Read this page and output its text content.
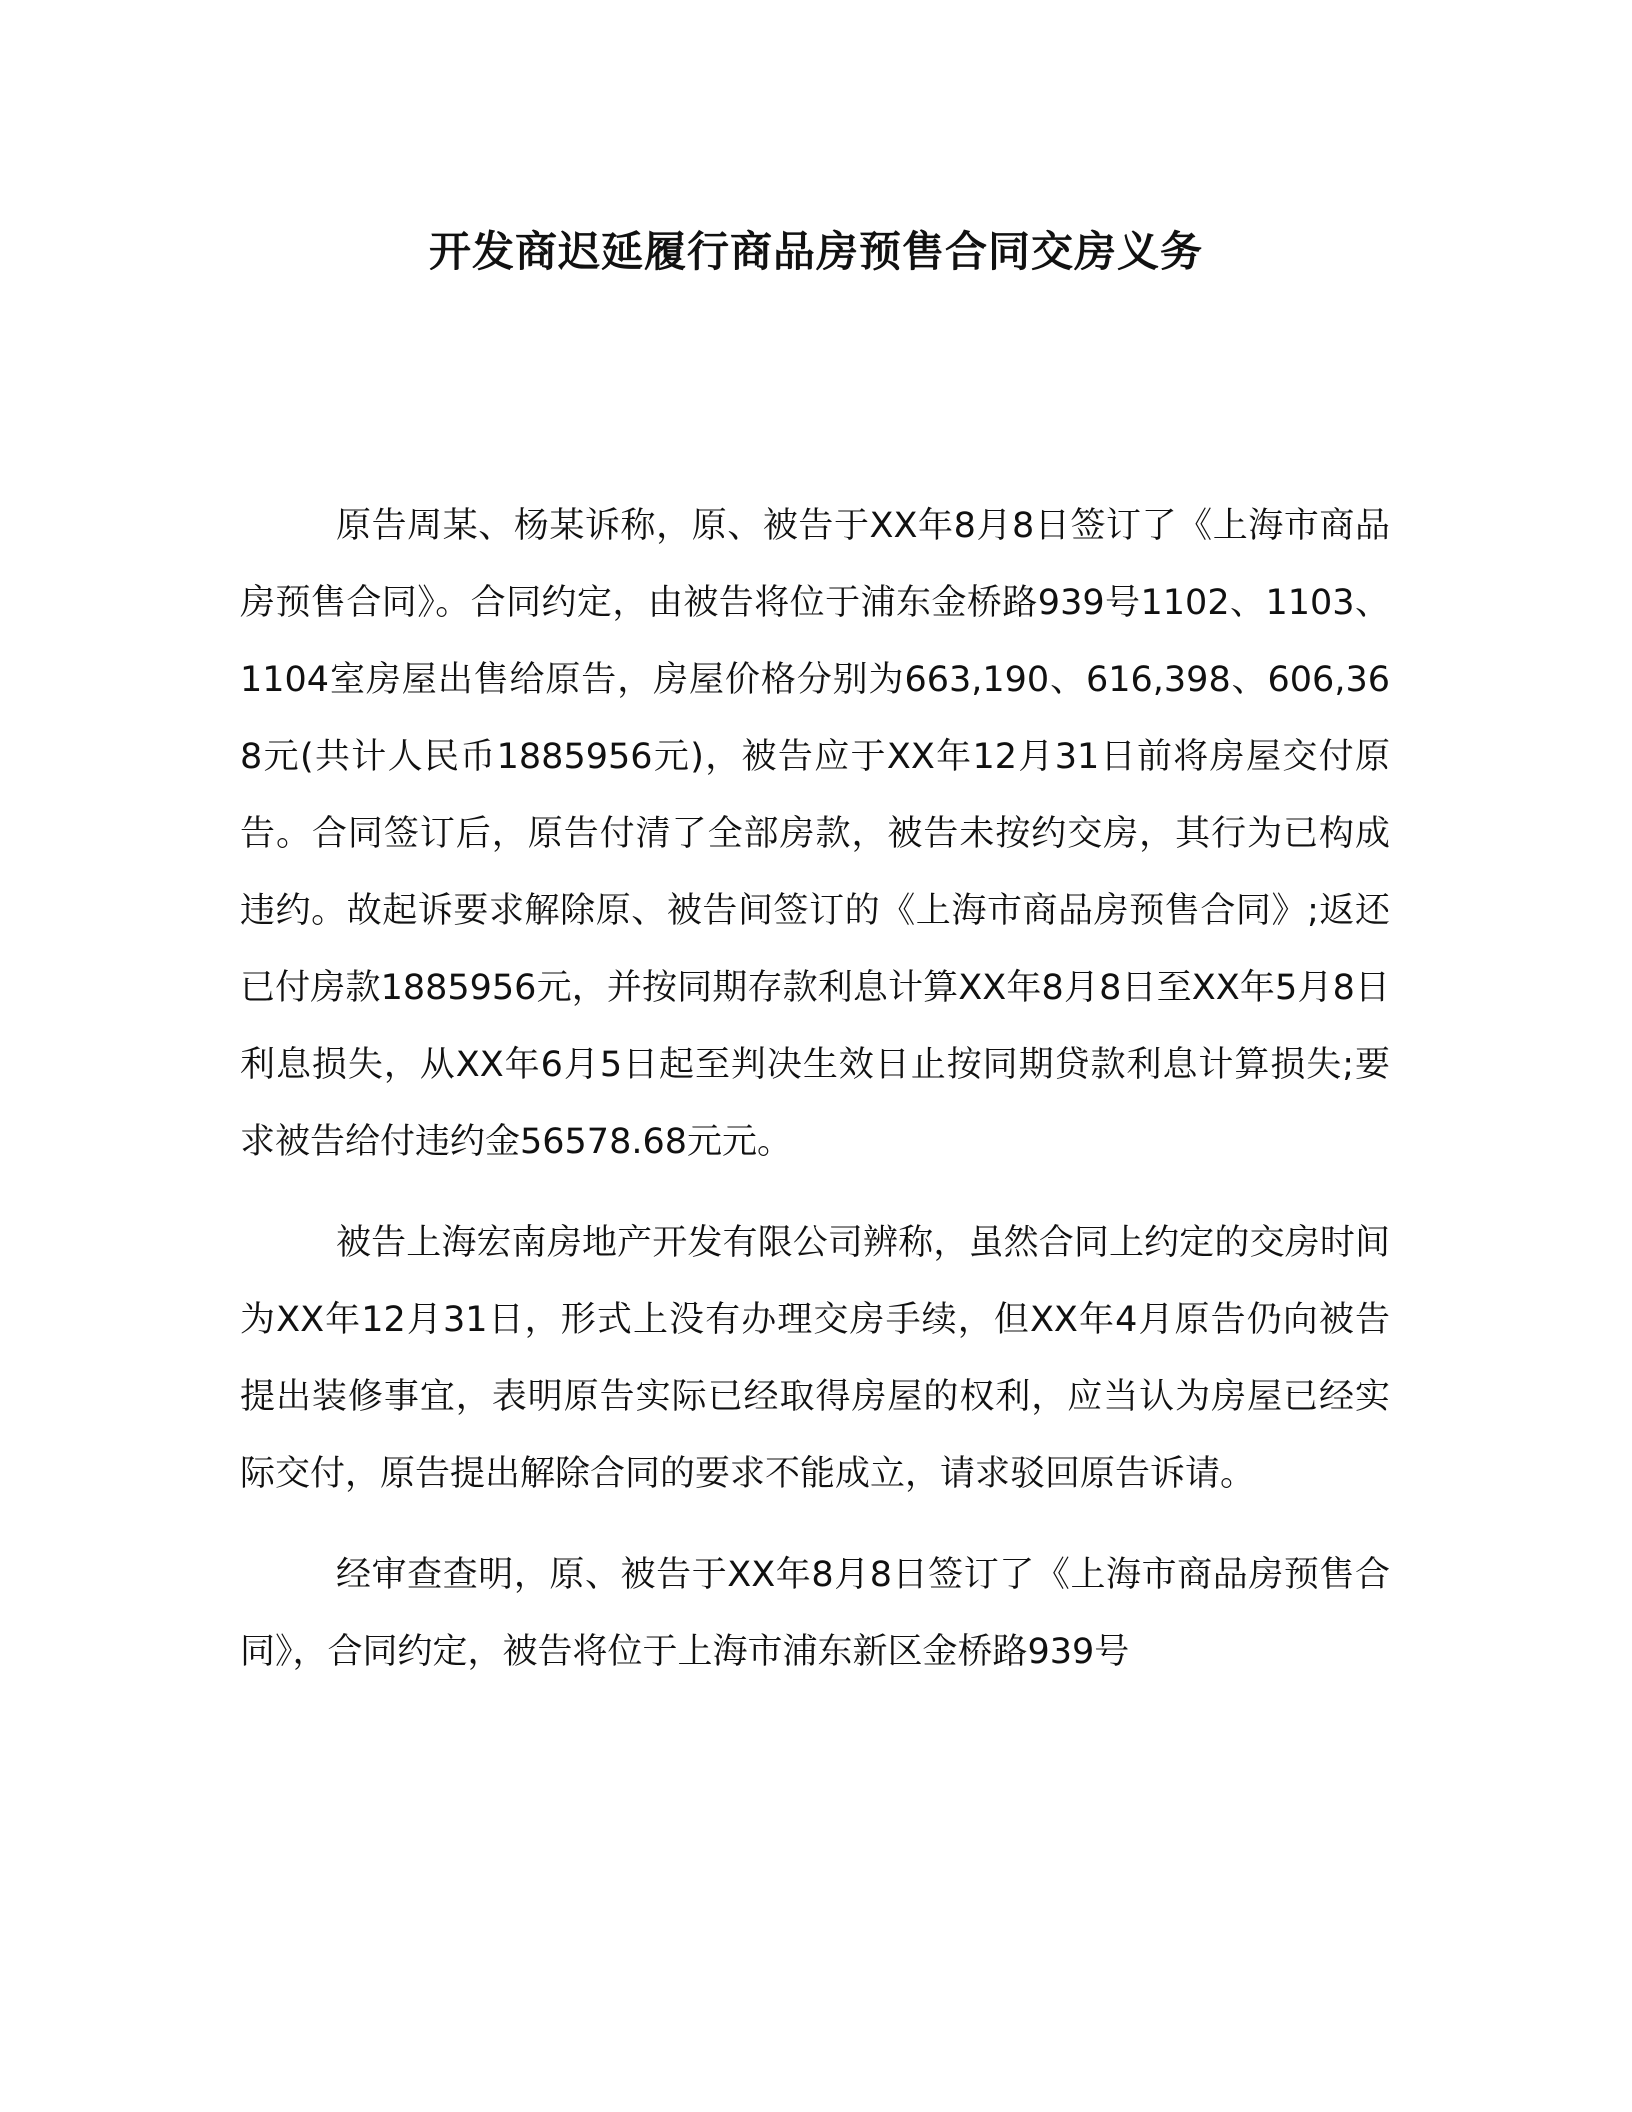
开发商迟延履行商品房预售合同交房义务

原告周某、杨某诉称，原、被告于XX年8月8日签订了《上海市商品房预售合同》。合同约定，由被告将位于浦东金桥路939号1102、1103、1104室房屋出售给原告，房屋价格分别为663,190、616,398、606,368元(共计人民币1885956元)，被告应于XX年12月31日前将房屋交付原告。合同签订后，原告付清了全部房款，被告未按约交房，其行为已构成违约。故起诉要求解除原、被告间签订的《上海市商品房预售合同》;返还已付房款1885956元，并按同期存款利息计算XX年8月8日至XX年5月8日利息损失，从XX年6月5日起至判决生效日止按同期贷款利息计算损失;要求被告给付违约金56578.68元元。

被告上海宏南房地产开发有限公司辨称，虽然合同上约定的交房时间为XX年12月31日，形式上没有办理交房手续，但XX年4月原告仍向被告提出装修事宜，表明原告实际已经取得房屋的权利，应当认为房屋已经实际交付，原告提出解除合同的要求不能成立，请求驳回原告诉请。

经审查查明，原、被告于XX年8月8日签订了《上海市商品房预售合同》，合同约定，被告将位于上海市浦东新区金桥路939号
